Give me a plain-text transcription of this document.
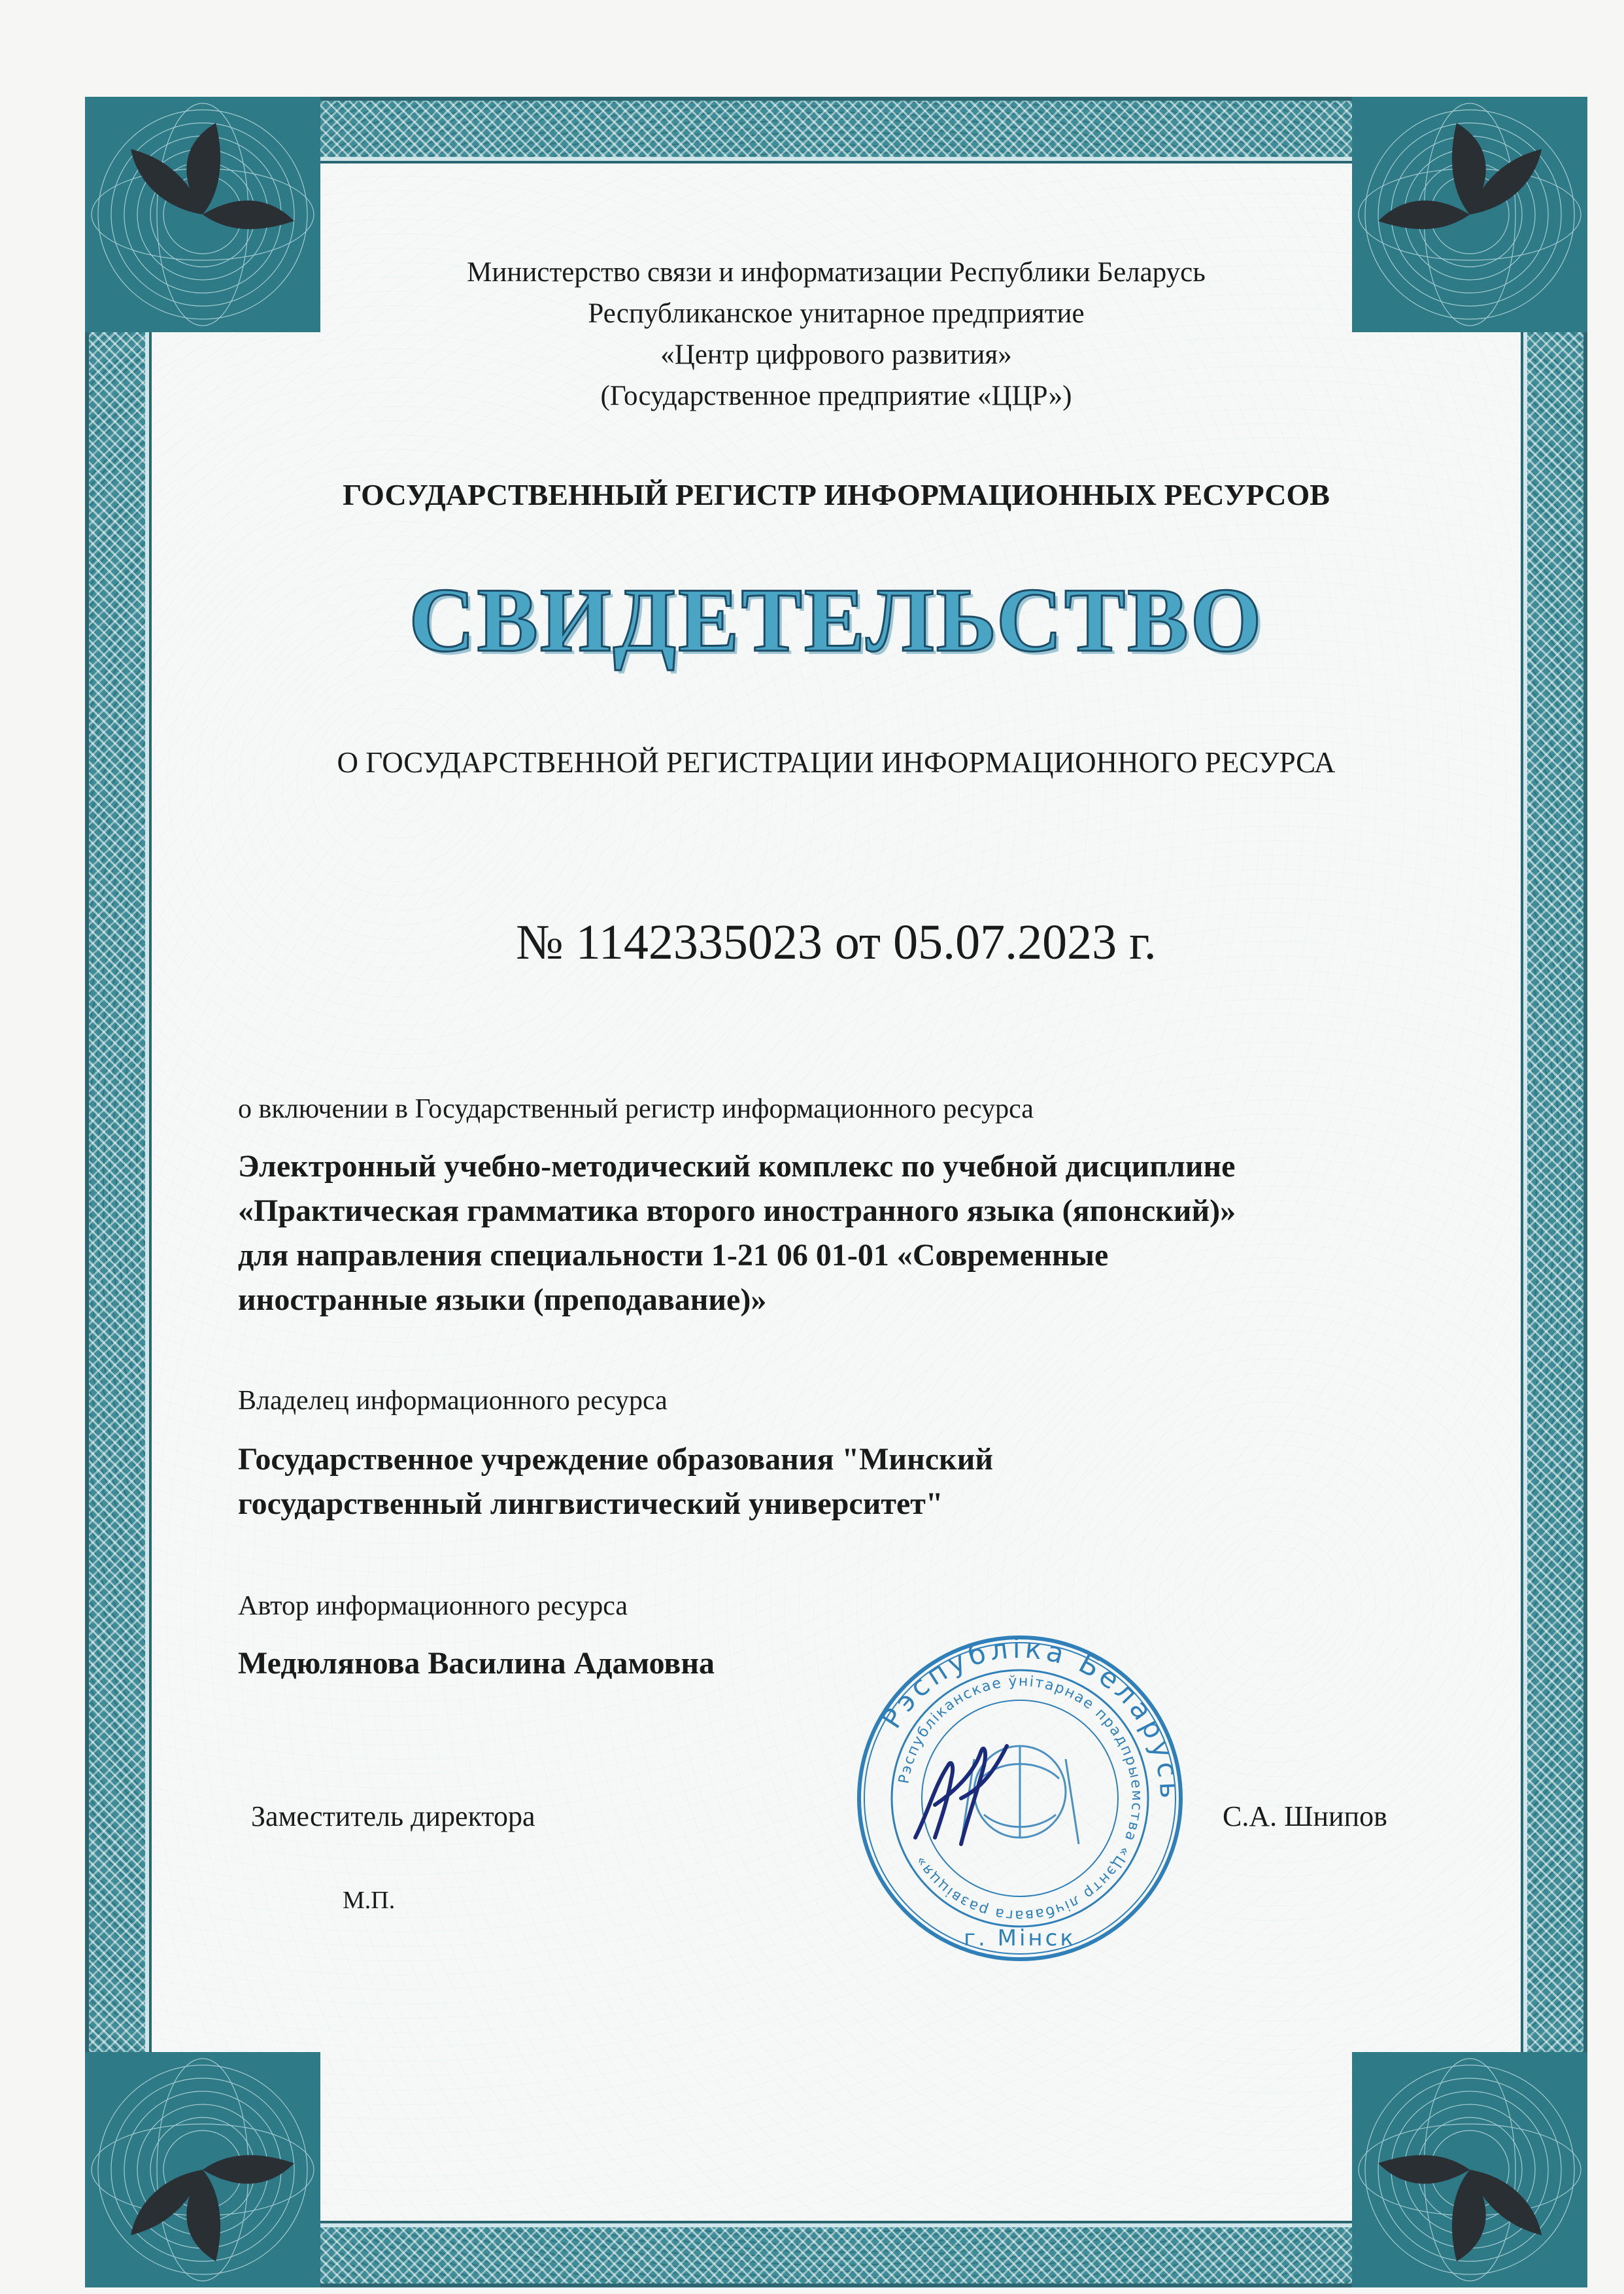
Министерство связи и информатизации Республики Беларусь
Республиканское унитарное предприятие
«Центр цифрового развития»
(Государственное предприятие «ЦЦР»)
ГОСУДАРСТВЕННЫЙ РЕГИСТР ИНФОРМАЦИОННЫХ РЕСУРСОВ
СВИДЕТЕЛЬСТВО
О ГОСУДАРСТВЕННОЙ РЕГИСТРАЦИИ ИНФОРМАЦИОННОГО РЕСУРСА
№ 1142335023 от 05.07.2023 г.
о включении в Государственный регистр информационного ресурса
Электронный учебно-методический комплекс по учебной дисциплине
«Практическая грамматика второго иностранного языка (японский)»
для направления специальности 1-21 06 01-01 «Современные
иностранные языки (преподавание)»
Владелец информационного ресурса
Государственное учреждение образования "Минский
государственный лингвистический университет"
Автор информационного ресурса
Медюлянова Василина Адамовна
Заместитель директора	С.А. Шнипов
М.П.
Рэспубліка Беларусь
Рэспубліканскае ўнітарнае прадпрыемства «Цэнтр лічбавага развіцця»
г. Мінск
